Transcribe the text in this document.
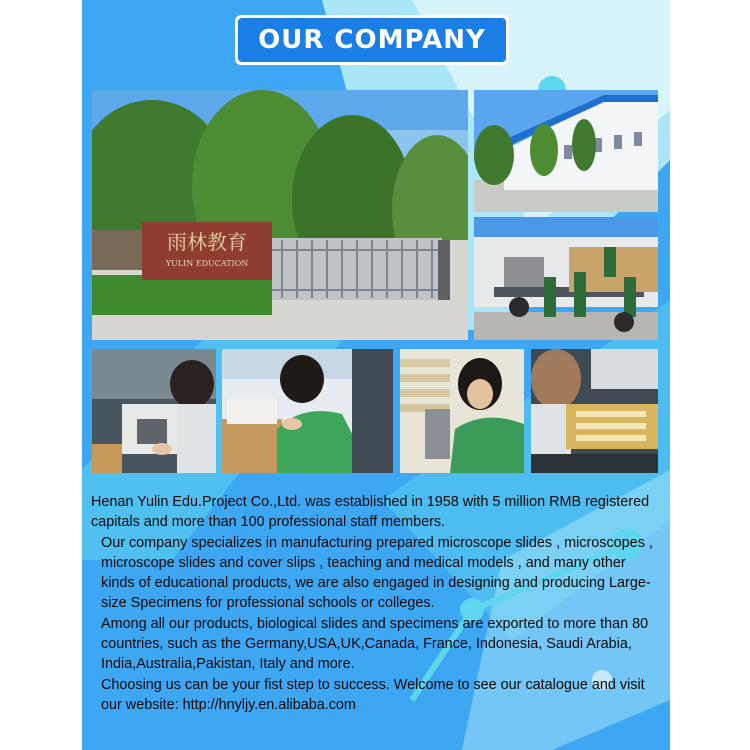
OUR COMPANY
雨林教育
YULIN EDUCATION

Henan Yulin Edu.Project Co.,Ltd. was established in 1958 with 5 million RMB registered capitals and more than 100 professional staff members.

Our company specializes in manufacturing prepared microscope slides , microscopes , microscope slides and cover slips , teaching and medical models , and many other kinds of educational products, we are also engaged in designing and producing Large-size Specimens for professional schools or colleges.

Among all our products, biological slides and specimens are exported to more than 80 countries, such as the Germany,USA,UK,Canada, France, Indonesia, Saudi Arabia, India,Australia,Pakistan, Italy and more.

Choosing us can be your fist step to success. Welcome to see our catalogue and visit our website: http://hnyljy.en.alibaba.com
